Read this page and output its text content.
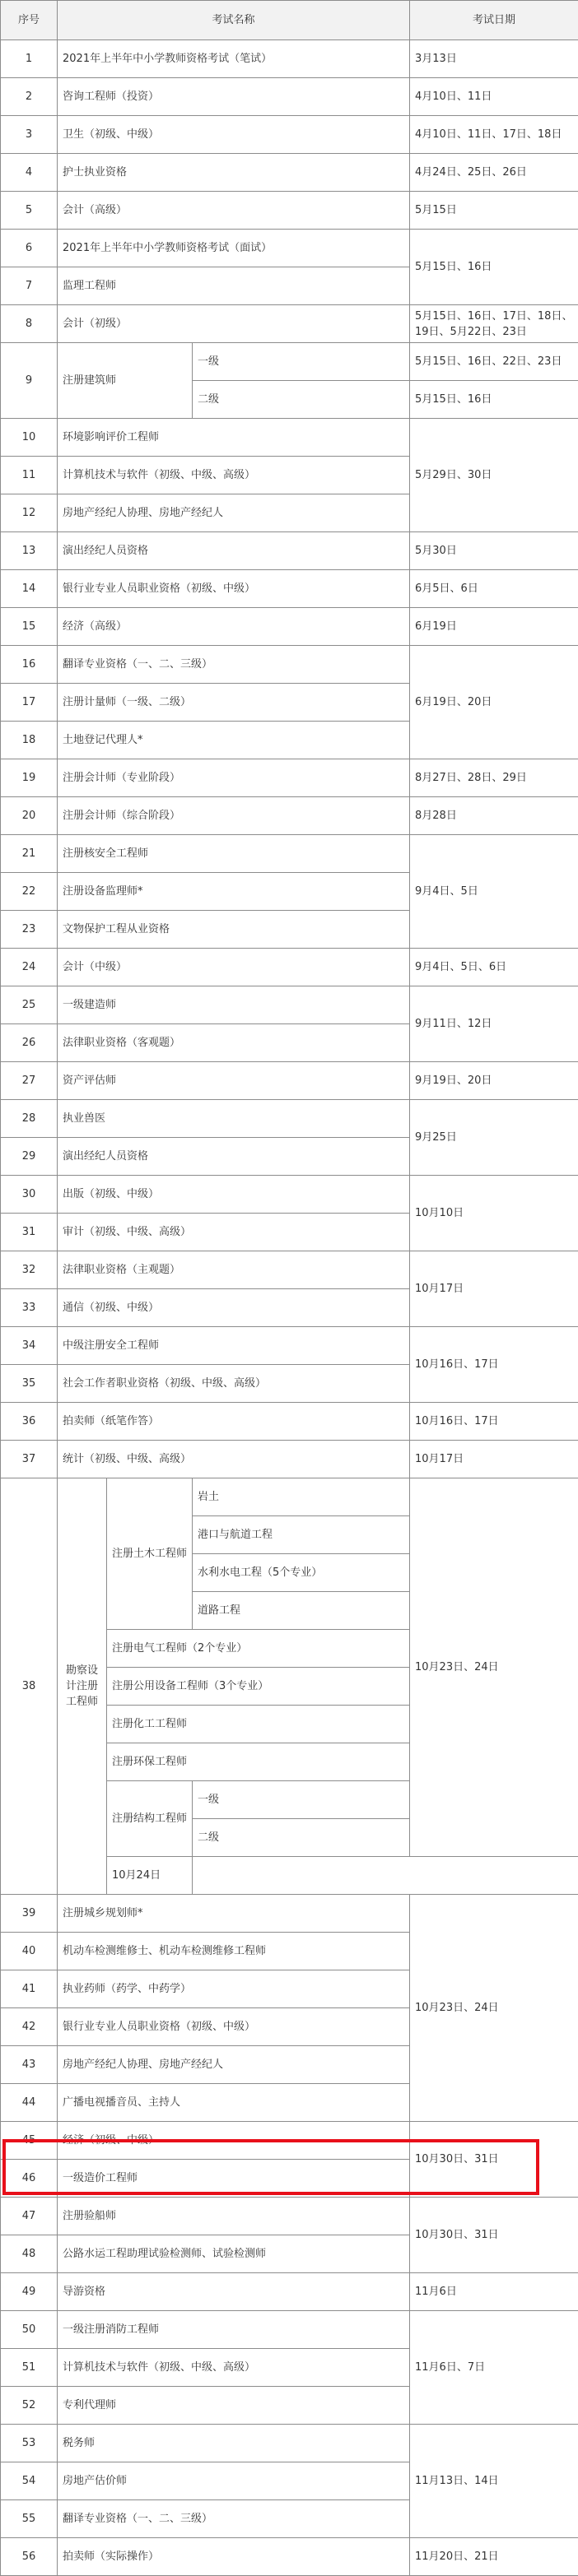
序号	考试名称			考试日期
1	2021年上半年中小学教师资格考试（笔试）			3月13日
2	咨询工程师（投资）			4月10日、11日
3	卫生（初级、中级）			4月10日、11日、17日、18日
4	护士执业资格			4月24日、25日、26日
5	会计（高级）			5月15日
6	2021年上半年中小学教师资格考试（面试）			5月15日、16日
7	监理工程师			
8	会计（初级）			5月15日、16日、17日、18日、19日、5月22日、23日
9	注册建筑师		一级	5月15日、16日、22日、23日
			二级	5月15日、16日
10	环境影响评价工程师			5月29日、30日
11	计算机技术与软件（初级、中级、高级）			
12	房地产经纪人协理、房地产经纪人			
13	演出经纪人员资格			5月30日
14	银行业专业人员职业资格（初级、中级）			6月5日、6日
15	经济（高级）			6月19日
16	翻译专业资格（一、二、三级）			6月19日、20日
17	注册计量师（一级、二级）			
18	土地登记代理人*			
19	注册会计师（专业阶段）			8月27日、28日、29日
20	注册会计师（综合阶段）			8月28日
21	注册核安全工程师			9月4日、5日
22	注册设备监理师*			
23	文物保护工程从业资格			
24	会计（中级）			9月4日、5日、6日
25	一级建造师			9月11日、12日
26	法律职业资格（客观题）			
27	资产评估师			9月19日、20日
28	执业兽医			9月25日
29	演出经纪人员资格			
30	出版（初级、中级）			10月10日
31	审计（初级、中级、高级）			
32	法律职业资格（主观题）			10月17日
33	通信（初级、中级）			
34	中级注册安全工程师			10月16日、17日
35	社会工作者职业资格（初级、中级、高级）			
36	拍卖师（纸笔作答）			10月16日、17日
37	统计（初级、中级、高级）			10月17日
38	勘察设计注册工程师	注册土木工程师	岩土	10月23日、24日
			港口与航道工程	
			水利水电工程（5个专业）	
			道路工程	
		注册电气工程师（2个专业）		
		注册公用设备工程师（3个专业）		
		注册化工工程师		
		注册环保工程师		
		注册结构工程师	一级	
			二级	
		10月24日		
39	注册城乡规划师*			10月23日、24日
40	机动车检测维修士、机动车检测维修工程师			
41	执业药师（药学、中药学）			
42	银行业专业人员职业资格（初级、中级）			
43	房地产经纪人协理、房地产经纪人			
44	广播电视播音员、主持人			
45	经济（初级、中级）			10月30日、31日
46	一级造价工程师			
47	注册验船师			10月30日、31日
48	公路水运工程助理试验检测师、试验检测师			
49	导游资格			11月6日
50	一级注册消防工程师			11月6日、7日
51	计算机技术与软件（初级、中级、高级）			
52	专利代理师			
53	税务师			11月13日、14日
54	房地产估价师			
55	翻译专业资格（一、二、三级）			
56	拍卖师（实际操作）			11月20日、21日
